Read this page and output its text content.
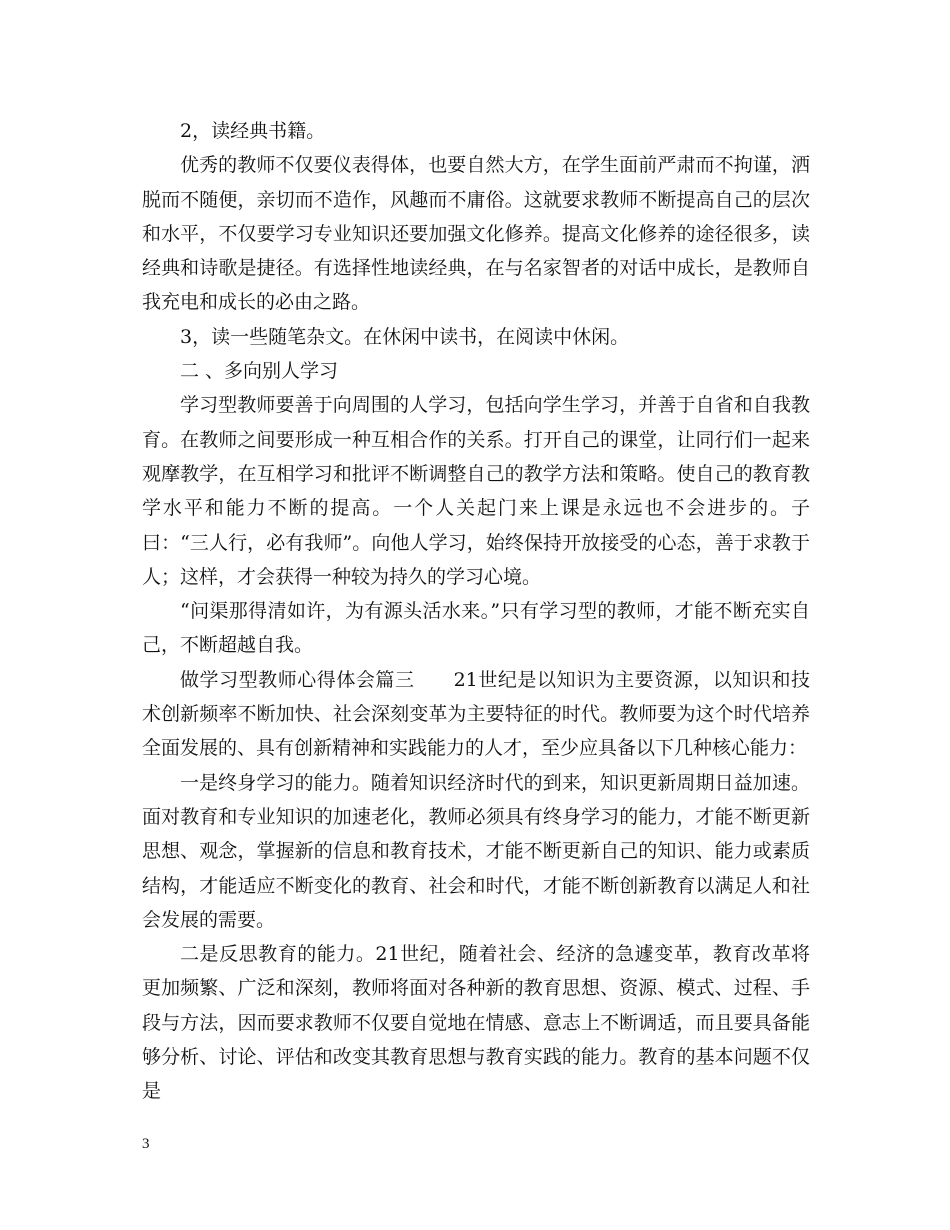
2，读经典书籍。

优秀的教师不仅要仪表得体，也要自然大方，在学生面前严肃而不拘谨，洒脱而不随便，亲切而不造作，风趣而不庸俗。这就要求教师不断提高自己的层次和水平，不仅要学习专业知识还要加强文化修养。提高文化修养的途径很多，读经典和诗歌是捷径。有选择性地读经典，在与名家智者的对话中成长，是教师自我充电和成长的必由之路。

3，读一些随笔杂文。在休闲中读书，在阅读中休闲。

二 、多向别人学习

学习型教师要善于向周围的人学习，包括向学生学习，并善于自省和自我教育。在教师之间要形成一种互相合作的关系。打开自己的课堂，让同行们一起来观摩教学，在互相学习和批评不断调整自己的教学方法和策略。使自己的教育教学水平和能力不断的提高。一个人关起门来上课是永远也不会进步的。子曰：“三人行，必有我师”。向他人学习，始终保持开放接受的心态，善于求教于人；这样，才会获得一种较为持久的学习心境。

“问渠那得清如许，为有源头活水来。”只有学习型的教师，才能不断充实自己，不断超越自我。

做学习型教师心得体会篇三　　21世纪是以知识为主要资源，以知识和技术创新频率不断加快、社会深刻变革为主要特征的时代。教师要为这个时代培养全面发展的、具有创新精神和实践能力的人才，至少应具备以下几种核心能力：

一是终身学习的能力。随着知识经济时代的到来，知识更新周期日益加速。面对教育和专业知识的加速老化，教师必须具有终身学习的能力，才能不断更新思想、观念，掌握新的信息和教育技术，才能不断更新自己的知识、能力或素质结构，才能适应不断变化的教育、社会和时代，才能不断创新教育以满足人和社会发展的需要。

二是反思教育的能力。21世纪，随着社会、经济的急遽变革，教育改革将更加频繁、广泛和深刻，教师将面对各种新的教育思想、资源、模式、过程、手段与方法，因而要求教师不仅要自觉地在情感、意志上不断调适，而且要具备能够分析、讨论、评估和改变其教育思想与教育实践的能力。教育的基本问题不仅是

3
